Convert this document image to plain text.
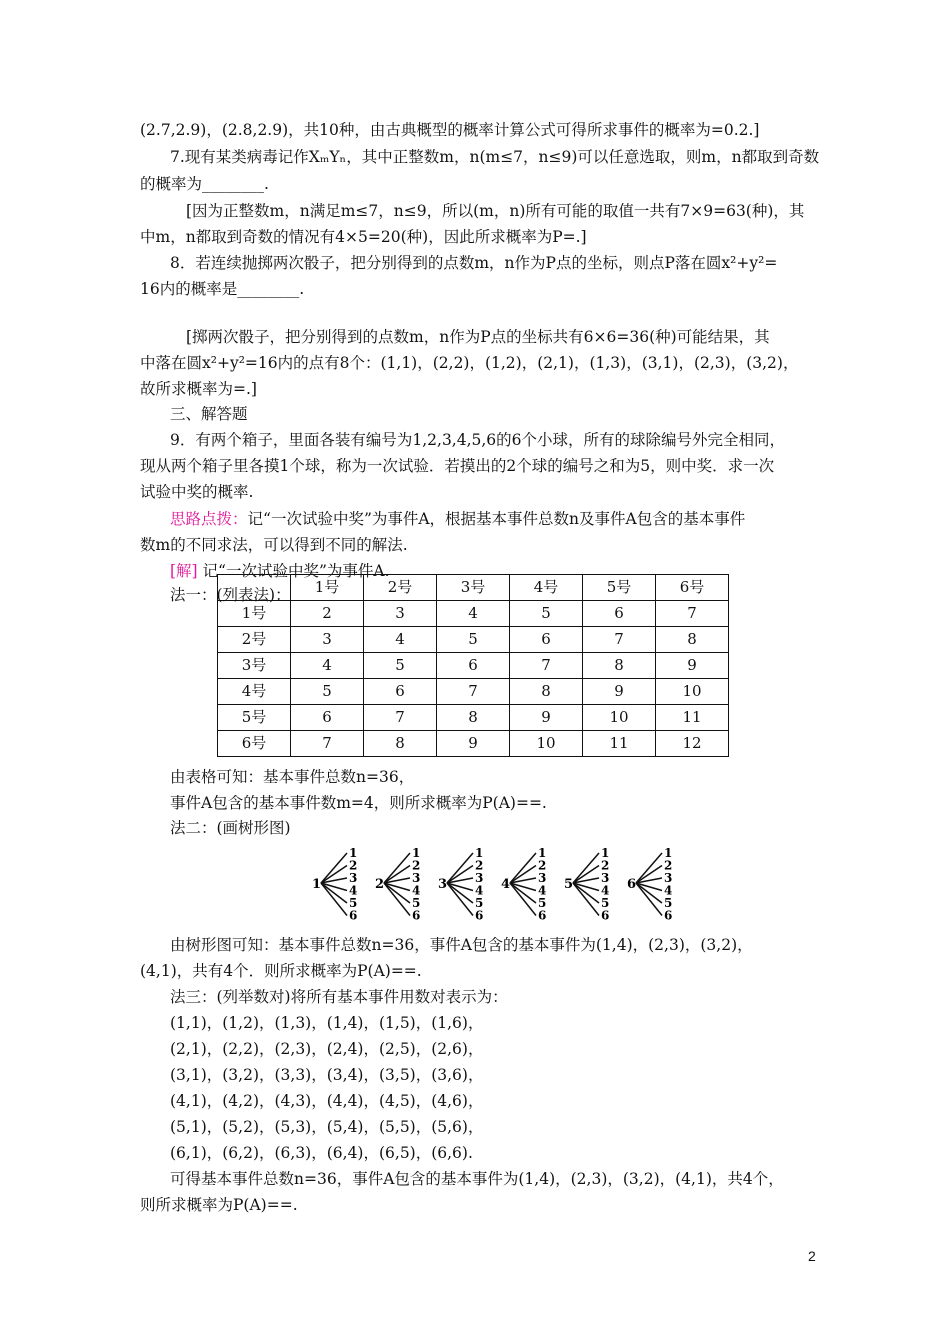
(2.7,2.9)，(2.8,2.9)，共10种，由古典概型的概率计算公式可得所求事件的概率为=0.2.]
7.现有某类病毒记作XₘYₙ，其中正整数m，n(m≤7，n≤9)可以任意选取，则m，n都取到奇数
的概率为________.
[因为正整数m，n满足m≤7，n≤9，所以(m，n)所有可能的取值一共有7×9=63(种)，其
中m，n都取到奇数的情况有4×5=20(种)，因此所求概率为P=.]
8．若连续抛掷两次骰子，把分别得到的点数m，n作为P点的坐标，则点P落在圆x²+y²=
16内的概率是________.
[掷两次骰子，把分别得到的点数m，n作为P点的坐标共有6×6=36(种)可能结果，其
中落在圆x²+y²=16内的点有8个：(1,1)，(2,2)，(1,2)，(2,1)，(1,3)，(3,1)，(2,3)，(3,2)，
故所求概率为=.]
三、解答题
9．有两个箱子，里面各装有编号为1,2,3,4,5,6的6个小球，所有的球除编号外完全相同，
现从两个箱子里各摸1个球，称为一次试验．若摸出的2个球的编号之和为5，则中奖．求一次
试验中奖的概率.
思路点拨：记“一次试验中奖”为事件A，根据基本事件总数n及事件A包含的基本事件
数m的不同求法，可以得到不同的解法.
[解] 记“一次试验中奖”为事件A.
法一：(列表法)：
		1号	2号	3号	4号	5号	6号
1号	2	3	4	5	6	7
2号	3	4	5	6	7	8
3号	4	5	6	7	8	9
4号	5	6	7	8	9	10
5号	6	7	8	9	10	11
6号	7	8	9	10	11	12
由表格可知：基本事件总数n=36，
事件A包含的基本事件数m=4，则所求概率为P(A)==.
法二：(画树形图)
1
1
2
3
4
5
6
2
1
2
3
4
5
6
3
1
2
3
4
5
6
4
1
2
3
4
5
6
5
1
2
3
4
5
6
6
1
2
3
4
5
6
由树形图可知：基本事件总数n=36，事件A包含的基本事件为(1,4)，(2,3)，(3,2)，
(4,1)，共有4个．则所求概率为P(A)==.
法三：(列举数对)将所有基本事件用数对表示为：
(1,1)，(1,2)，(1,3)，(1,4)，(1,5)，(1,6)，
(2,1)，(2,2)，(2,3)，(2,4)，(2,5)，(2,6)，
(3,1)，(3,2)，(3,3)，(3,4)，(3,5)，(3,6)，
(4,1)，(4,2)，(4,3)，(4,4)，(4,5)，(4,6)，
(5,1)，(5,2)，(5,3)，(5,4)，(5,5)，(5,6)，
(6,1)，(6,2)，(6,3)，(6,4)，(6,5)，(6,6).
可得基本事件总数n=36，事件A包含的基本事件为(1,4)，(2,3)，(3,2)，(4,1)，共4个，
则所求概率为P(A)==.
2
